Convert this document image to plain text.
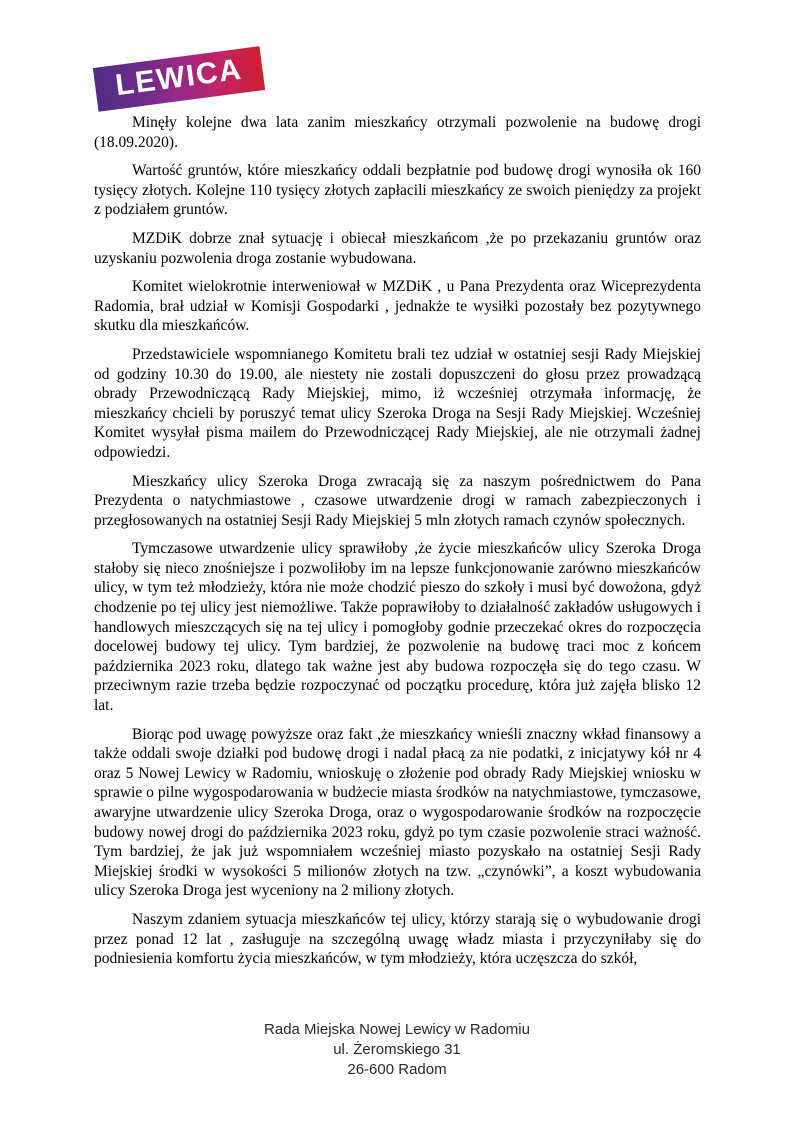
LEWICA

Minęły kolejne dwa lata zanim mieszkańcy otrzymali pozwolenie na budowę drogi (18.09.2020).

Wartość gruntów, które mieszkańcy oddali bezpłatnie pod budowę drogi wynosiła ok 160 tysięcy złotych. Kolejne 110 tysięcy złotych zapłacili mieszkańcy ze swoich pieniędzy za projekt z podziałem gruntów.

MZDiK dobrze znał sytuację i obiecał mieszkańcom ,że po przekazaniu gruntów oraz uzyskaniu pozwolenia droga zostanie wybudowana.

Komitet wielokrotnie interweniował w MZDiK , u Pana Prezydenta oraz Wiceprezydenta Radomia, brał udział w Komisji Gospodarki , jednakże te wysiłki pozostały bez pozytywnego skutku dla mieszkańców.

Przedstawiciele wspomnianego Komitetu brali tez udział w ostatniej sesji Rady Miejskiej od godziny 10.30 do 19.00, ale niestety nie zostali dopuszczeni do głosu przez prowadzącą obrady Przewodniczącą Rady Miejskiej, mimo, iż wcześniej otrzymała informację, że mieszkańcy chcieli by poruszyć temat ulicy Szeroka Droga na Sesji Rady Miejskiej. Wcześniej Komitet wysyłał pisma mailem do Przewodniczącej Rady Miejskiej, ale nie otrzymali żadnej odpowiedzi.

Mieszkańcy ulicy Szeroka Droga zwracają się za naszym pośrednictwem do Pana Prezydenta o natychmiastowe , czasowe utwardzenie drogi w ramach zabezpieczonych i przegłosowanych na ostatniej Sesji Rady Miejskiej 5 mln złotych ramach czynów społecznych.

Tymczasowe utwardzenie ulicy sprawiłoby ,że życie mieszkańców ulicy Szeroka Droga stałoby się nieco znośniejsze i pozwoliłoby im na lepsze funkcjonowanie zarówno mieszkańców ulicy, w tym też młodzieży, która nie może chodzić pieszo do szkoły i musi być dowożona, gdyż chodzenie po tej ulicy jest niemożliwe. Także poprawiłoby to działalność zakładów usługowych i handlowych mieszczących się na tej ulicy i pomogłoby godnie przeczekać okres do rozpoczęcia docelowej budowy tej ulicy. Tym bardziej, że pozwolenie na budowę traci moc z końcem października 2023 roku, dlatego tak ważne jest aby budowa rozpoczęła się do tego czasu. W przeciwnym razie trzeba będzie rozpoczynać od początku procedurę, która już zajęła blisko 12 lat.

Biorąc pod uwagę powyższe oraz fakt ,że mieszkańcy wnieśli znaczny wkład finansowy a także oddali swoje działki pod budowę drogi i nadal płacą za nie podatki, z inicjatywy kół nr 4 oraz 5 Nowej Lewicy w Radomiu, wnioskuję o złożenie pod obrady Rady Miejskiej wniosku w sprawie o pilne wygospodarowania w budżecie miasta środków na natychmiastowe, tymczasowe, awaryjne utwardzenie ulicy Szeroka Droga, oraz o wygospodarowanie środków na rozpoczęcie budowy nowej drogi do października 2023 roku, gdyż po tym czasie pozwolenie straci ważność. Tym bardziej, że jak już wspomniałem wcześniej miasto pozyskało na ostatniej Sesji Rady Miejskiej środki w wysokości 5 milionów złotych na tzw. „czynówki”, a koszt wybudowania ulicy Szeroka Droga jest wyceniony na 2 miliony złotych.

Naszym zdaniem sytuacja mieszkańców tej ulicy, którzy starają się o wybudowanie drogi przez ponad 12 lat , zasługuje na szczególną uwagę władz miasta i przyczyniłaby się do podniesienia komfortu życia mieszkańców, w tym młodzieży, która uczęszcza do szkół,

Rada Miejska Nowej Lewicy w Radomiu
ul. Żeromskiego 31
26-600 Radom
